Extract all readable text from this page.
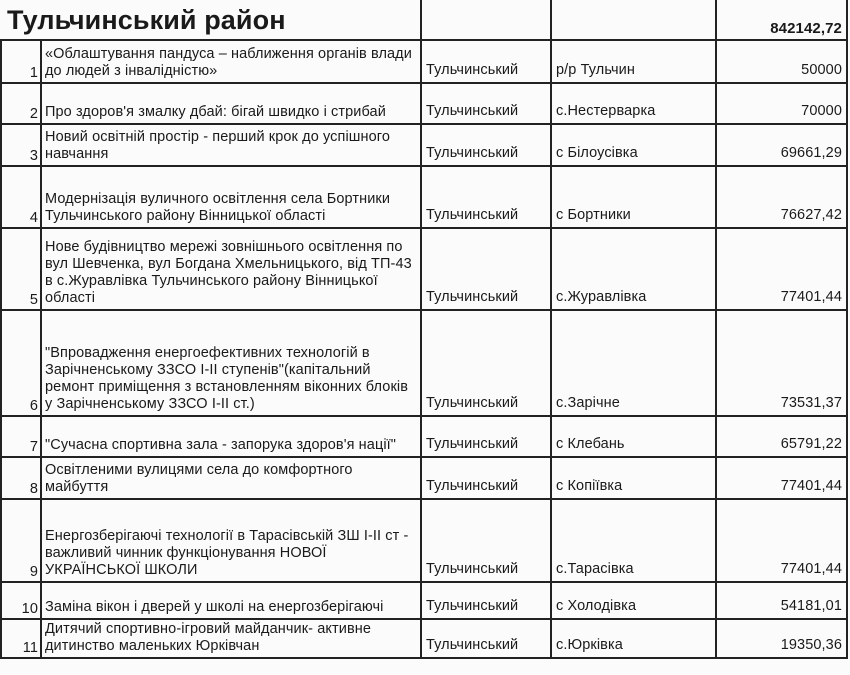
Тульчинський район				842142,72
1	«Облаштування пандуса – наближення органів влади до людей з інвалідністю»	Тульчинський	р/р Тульчин	50000
2	Про здоров'я змалку дбай: бігай швидко і стрибай	Тульчинський	с.Нестерварка	70000
3	Новий освітній простір - перший крок до успішного навчання	Тульчинський	с Білоусівка	69661,29
4	Модернізація вуличного освітлення села Бортники Тульчинського району Вінницької області	Тульчинський	с Бортники	76627,42
5	Нове будівництво мережі зовнішнього освітлення по вул Шевченка, вул Богдана Хмельницького, від ТП-43 в с.Журавлівка Тульчинського району Вінницької області	Тульчинський	с.Журавлівка	77401,44
6	"Впровадження енергоефективних технологій в Зарічненському ЗЗСО І-ІІ ступенів"(капітальний ремонт приміщення з встановленням віконних блоків у Зарічненському ЗЗСО І-ІІ ст.)	Тульчинський	с.Зарічне	73531,37
7	"Сучасна спортивна зала - запорука здоров'я нації"	Тульчинський	с Клебань	65791,22
8	Освітленими вулицями села до комфортного майбуття	Тульчинський	с Копіївка	77401,44
9	Енергозберігаючі технології в Тарасівській ЗШ І-ІІ ст - важливий чинник функціонування НОВОЇ УКРАЇНСЬКОЇ ШКОЛИ	Тульчинський	с.Тарасівка	77401,44
10	Заміна вікон і дверей у школі на енергозберігаючі	Тульчинський	с Холодівка	54181,01
11	Дитячий спортивно-ігровий майданчик- активне дитинство маленьких Юрківчан	Тульчинський	с.Юрківка	19350,36
